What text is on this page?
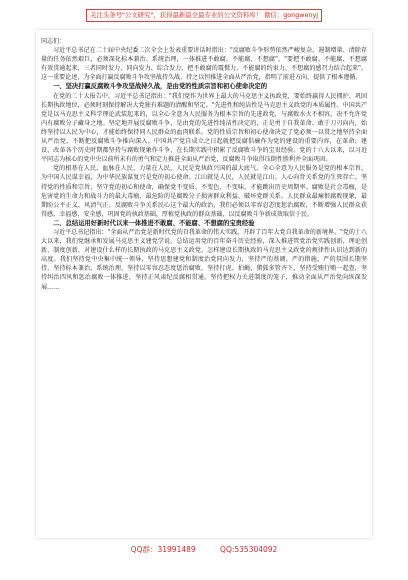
关注头条号"公文研究"，获得最新最全最专业的公文资料库！ 微信：gongwenyj

同志们：

习近平总书记在二十届中央纪委二次全会上发表重要讲话时指出："反腐败斗争形势依然严峻复杂，遏制增量、清除存量的任务依然艰巨，必须深化标本兼治、系统治理，一体推进不敢腐、不能腐、不想腐"。"要把不敢腐、不能腐、不想腐有效贯通起来，三者同时发力、同向发力、综合发力，把不敢腐的震慑力、不能腐的约束力、不想腐的感召力结合起来"。这一重要论述，为全面打赢反腐败斗争攻坚战持久战、持之以恒推进全面从严治党，指明了前进方向，提供了根本遵循。

一、坚决打赢反腐败斗争攻坚战持久战，是由党的性质宗旨和初心使命决定的

在党的二十大报告中，习近平总书记指出："我们党作为世界上最大的马克思主义执政党，要始终赢得人民拥护、巩固长期执政地位，必须时刻保持解决大党独有难题的清醒和坚定。"先进性和纯洁性是马克思主义政党的本质属性。中国共产党是以马克思主义科学理论武装起来的，以全心全意为人民服务为根本宗旨的先进政党，与腐败水火不相容，决不允许党内有腐败分子藏身之地。坚定地开展反腐败斗争，是由党的先进性纯洁性决定的，正是勇于自我革命、敢于刀刃向内，始终坚持以人民为中心，才能始终保持同人民群众的血肉联系。党的性质宗旨和初心使命决定了党必须一以贯之地坚持全面从严治党，不断把反腐败斗争推向深入。中国共产党自成立之日起就把反腐倡廉作为党的建设的重要内容，在革命、建设、改革各个历史时期都坚持与腐败现象作斗争，在长期实践中积累了反腐败斗争的宝贵经验。党的十八大以来，以习近平同志为核心的党中央以前所未有的勇气和定力推进全面从严治党，反腐败斗争取得压倒性胜利并全面巩固。

党的根基在人民、血脉在人民、力量在人民，人民是党执政兴国的最大底气。全心全意为人民服务是党的根本宗旨，为中国人民谋幸福、为中华民族谋复兴是党的初心使命。江山就是人民，人民就是江山。人心向背关系党的生死存亡。坚持党的性质和宗旨，坚守党的初心和使命，确保党不变质、不变色、不变味，才能跳出历史周期率。腐败是社会毒瘤，是危害党的生命力和战斗力的最大毒瘤，最危险的是腐败分子损害群众利益、破坏党群关系。人民群众最痛恨腐败现象，最期盼公平正义、风清气正。反腐败斗争关系民心这个最大的政治，我们必须以零容忍态度惩治腐败，不断增强人民群众获得感、幸福感、安全感，巩固党的执政基础，厚植党执政的群众基础，以反腐败斗争新成效取信于民。

二、总结运用好新时代以来一体推进不敢腐、不能腐、不想腐的宝贵经验

习近平总书记指出："全面从严治党是新时代党的自我革命的伟大实践，开辟了百年大党自我革命的新境界。"党的十八大以来，我们党继承和发展马克思主义建党学说，总结运用党的百年奋斗历史经验，深入推进管党治党实践创新、理论创新、制度创新，对建设什么样的长期执政的马克思主义政党、怎样建设长期执政的马克思主义政党的规律性认识达到新的高度。我们坚持党中央集中统一领导，坚持思想建党和制度治党同向发力，坚持严的基调、严的措施、严的氛围长期坚持，坚持标本兼治、系统治理，坚持以零容忍态度惩治腐败，坚持打虎、拍蝇、猎狐多管齐下，坚持受贿行贿一起查，坚持纠治四风和惩治腐败一体推进，坚持正风肃纪反腐相贯通，坚持把权力关进制度的笼子，推动全面从严治党向纵深发展……

QQ群：31991489	QQ:535304092
